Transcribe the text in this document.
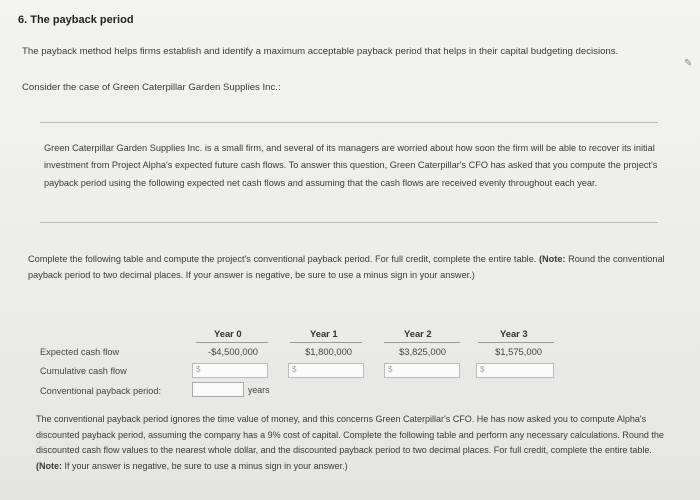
6. The payback period
The payback method helps firms establish and identify a maximum acceptable payback period that helps in their capital budgeting decisions.
✎
Consider the case of Green Caterpillar Garden Supplies Inc.:
Green Caterpillar Garden Supplies Inc. is a small firm, and several of its managers are worried about how soon the firm will be able to recover its initial investment from Project Alpha's expected future cash flows. To answer this question, Green Caterpillar's CFO has asked that you compute the project's payback period using the following expected net cash flows and assuming that the cash flows are received evenly throughout each year.
Complete the following table and compute the project's conventional payback period. For full credit, complete the entire table. (Note: Round the conventional payback period to two decimal places. If your answer is negative, be sure to use a minus sign in your answer.)
Year 0	Year 1	Year 2	Year 3
Expected cash flow	-$4,500,000	$1,800,000	$3,825,000	$1,575,000
Cumulative cash flow	$	$	$	$
Conventional payback period:	years
The conventional payback period ignores the time value of money, and this concerns Green Caterpillar's CFO. He has now asked you to compute Alpha's discounted payback period, assuming the company has a 9% cost of capital. Complete the following table and perform any necessary calculations. Round the discounted cash flow values to the nearest whole dollar, and the discounted payback period to two decimal places. For full credit, complete the entire table. (Note: If your answer is negative, be sure to use a minus sign in your answer.)
